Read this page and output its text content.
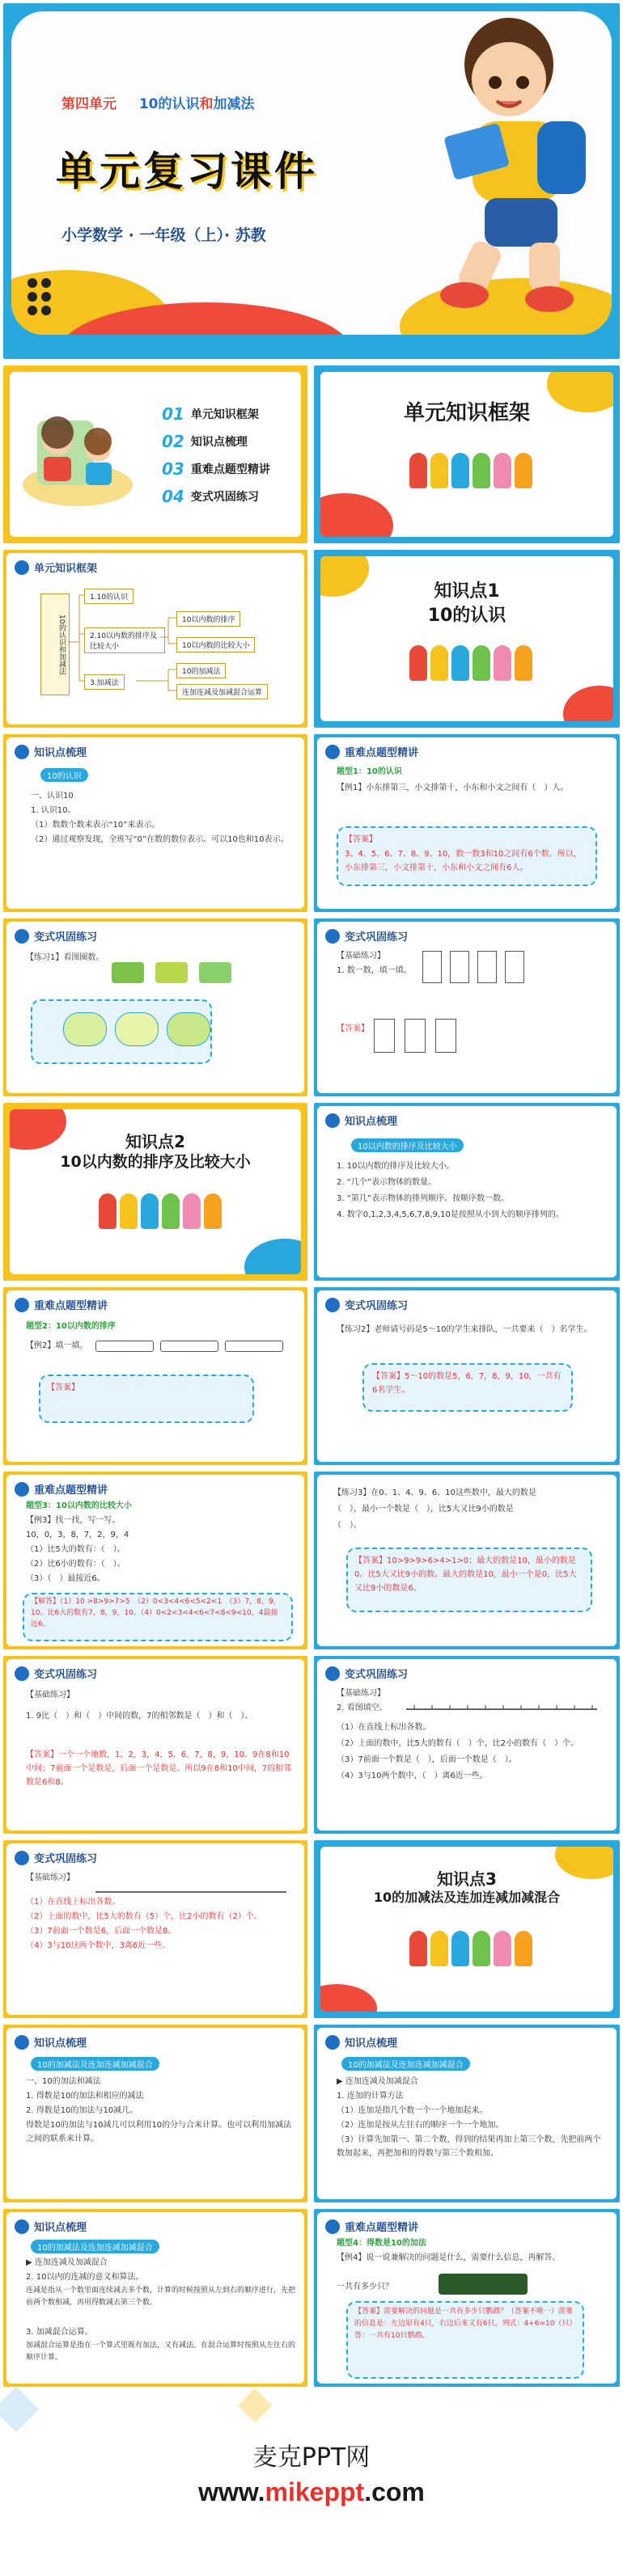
第四单元 10的认识和加减法
单元复习课件
小学数学 · 一年级（上）· 苏教
01 单元知识框架
02 知识点梳理
03 重难点题型精讲
04 变式巩固练习
单元知识框架
单元知识框架
10的认识和加减法
1.10的认识
2.10以内数的排序及比较大小
3.加减法
10以内数的排序
10以内数的比较大小
10的加减法
连加连减及加减混合运算
知识点1
10的认识
知识点梳理
10的认识
一、认识10
1. 认识10。
（1）数数个数来表示“10”来表示。
（2）通过观察发现，全班写“0”在数的数位表示。可以10也和10表示。
重难点题型精讲
题型1：10的认识
【例1】小东排第三，小文排第十，小东和小文之间有（　）人。
【答案】
3、4、5、6、7、8、9、10，数一数3和10之间有6个数。所以，小东排第三，小文排第十，小东和小文之间有6人。
变式巩固练习
【练习1】看图圈数。
变式巩固练习
【基础练习】
1. 数一数，填一填。
【答案】
知识点2
10以内数的排序及比较大小
知识点梳理
10以内数的排序及比较大小
1. 10以内数的排序及比较大小。
2. “几个”表示物体的数量。
3. “第几”表示物体的排列顺序。按顺序数一数。
4. 数字0,1,2,3,4,5,6,7,8,9,10是按照从小到大的顺序排列的。
重难点题型精讲
题型2：10以内数的排序
【例2】填一填。
【答案】
变式巩固练习
【练习2】老师请号码是5～10的学生来排队，一共要来（　）名学生。
【答案】5～10的数是5，6，7，8，9，10，一共有6名学生。
重难点题型精讲
题型3：10以内数的比较大小
【例3】找一找，写一写。
10，0，3，8，7，2，9，4
（1）比5大的数有：（　）。
（2）比6小的数有：（　）。
（3）（　）最接近6。
【解答】（1）10 >8>9>7>5　（2）0<3<4<6<5<2<1　（3）7，8，9，10。比6大的数有7，8，9，10。（4）0<2<3<4<6<7<8<9<10，4最接近6。
【练习3】在0、1、4、9、6、10这些数中，最大的数是
（　），最小一个数是（　），比5大又比9小的数是
（　）。
【答案】10>9>9>6>4>1>0；最大的数是10，最小的数是0。比5大又比9小的数。最大的数是10，最小一个是0，比5大又比9小的数是6。
变式巩固练习
【基础练习】
1. 9比（　）和（　）中间的数，7的相邻数是（　）和（　）。
【答案】一个一个地数，1，2，3，4，5，6，7，8，9，10。9在8和10中间；7前面一个是数是，后面一个是数是。所以9在8和10中间，7的相邻数是6和8。
变式巩固练习
【基础练习】
2. 看图填空。
（1）在直线上标出各数。
（2）上面的数中，比5大的数有（　）个，比2小的数有（　）个。
（3）7前面一个数是（　），后面一个数是（　）。
（4）3与10两个数中，（　）离6近一些。
变式巩固练习
【基础练习】
（1）在直线上标出各数。
（2）上面的数中，比5大的数有（5）个，比2小的数有（2）个。
（3）7前面一个数是6，后面一个数是8。
（4）3与10这两个数中，3离6近一些。
知识点3
10的加减法及连加连减加减混合
知识点梳理
10的加减法及连加连减加减混合
一、10的加法和减法
1. 得数是10的加法和相应的减法
2. 得数是10的加法与10减几。
得数是10的加法与10减几可以利用10的分与合来计算。也可以利用加减法之间的联系来计算。
知识点梳理
10的加减法及连加连减加减混合
▶ 连加连减及加减混合
1. 连加的计算方法
（1）连加是指几个数一个一个地加起来。
（2）连加是按从左往右的顺序一个一个地加。
（3）计算先加第一、第二个数，得到的结果再加上第三个数，先把前两个数加起来，再把加和的得数与第三个数相加。
知识点梳理
10的加减法及连加连减加减混合
▶ 连加连减及加减混合
2. 10以内的连减的意义和算法。
连减是指从一个数里面连续减去多个数，计算的时候按照从左到右的顺序进行，先把前两个数相减，再用得数减去第三个数。
3. 加减混合运算。
加减混合运算是指在一个算式里既有加法，又有减法。在混合运算时按照从左往右的顺序计算。
重难点题型精讲
题型4：得数是10的加法
【例4】说一说兼解决的问题是什么，需要什么信息，再解答。
一共有多少只？
【答案】需要解决的问题是一共有多少只鹦鹉？（答案不唯一）需要的信息是：左边原有4只，右边后来又有6只。列式：4+6=10（只）答：一共有10只鹦鹉。
麦克PPT网
www.mikeppt.com
